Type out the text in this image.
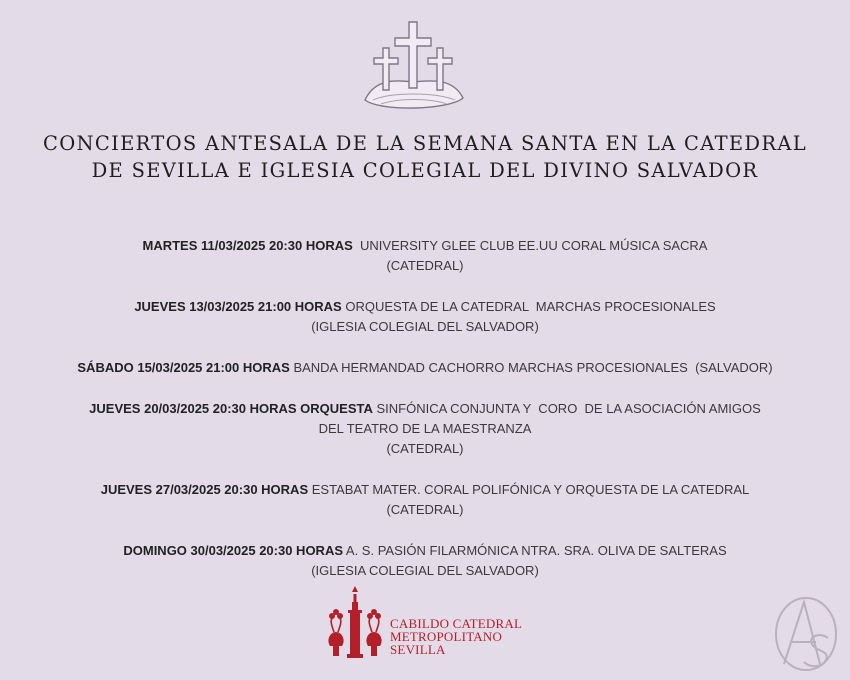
CONCIERTOS ANTESALA DE LA SEMANA SANTA EN LA CATEDRAL
DE SEVILLA E IGLESIA COLEGIAL DEL DIVINO SALVADOR
MARTES 11/03/2025 20:30 HORAS  UNIVERSITY GLEE CLUB EE.UU CORAL MÚSICA SACRA
(CATEDRAL)
JUEVES 13/03/2025 21:00 HORAS ORQUESTA DE LA CATEDRAL  MARCHAS PROCESIONALES
(IGLESIA COLEGIAL DEL SALVADOR)
SÁBADO 15/03/2025 21:00 HORAS BANDA HERMANDAD CACHORRO MARCHAS PROCESIONALES  (SALVADOR)
JUEVES 20/03/2025 20:30 HORAS ORQUESTA SINFÓNICA CONJUNTA Y  CORO  DE LA ASOCIACIÓN AMIGOS
DEL TEATRO DE LA MAESTRANZA
(CATEDRAL)
JUEVES 27/03/2025 20:30 HORAS ESTABAT MATER. CORAL POLIFÓNICA Y ORQUESTA DE LA CATEDRAL
(CATEDRAL)
DOMINGO 30/03/2025 20:30 HORAS A. S. PASIÓN FILARMÓNICA NTRA. SRA. OLIVA DE SALTERAS
(IGLESIA COLEGIAL DEL SALVADOR)
CABILDO CATEDRAL
METROPOLITANO
SEVILLA
